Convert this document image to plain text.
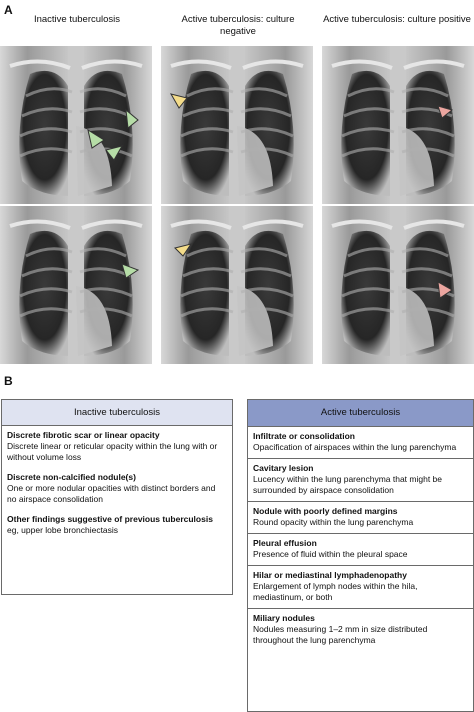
A
Inactive tuberculosis	Active tuberculosis: culture negative
Active tuberculosis: culture positive
B
Inactive tuberculosis
Discrete fibrotic scar or linear opacity
Discrete linear or reticular opacity within the lung with or without volume loss
Discrete non-calcified nodule(s)
One or more nodular opacities with distinct borders and no airspace consolidation
Other findings suggestive of previous tuberculosis
eg, upper lobe bronchiectasis
Active tuberculosis
Infiltrate or consolidation
Opacification of airspaces within the lung parenchyma
Cavitary lesion
Lucency within the lung parenchyma that might be surrounded by airspace consolidation
Nodule with poorly defined margins
Round opacity within the lung parenchyma
Pleural effusion
Presence of fluid within the pleural space
Hilar or mediastinal lymphadenopathy
Enlargement of lymph nodes within the hila, mediastinum, or both
Miliary nodules
Nodules measuring 1–2 mm in size distributed throughout the lung parenchyma
